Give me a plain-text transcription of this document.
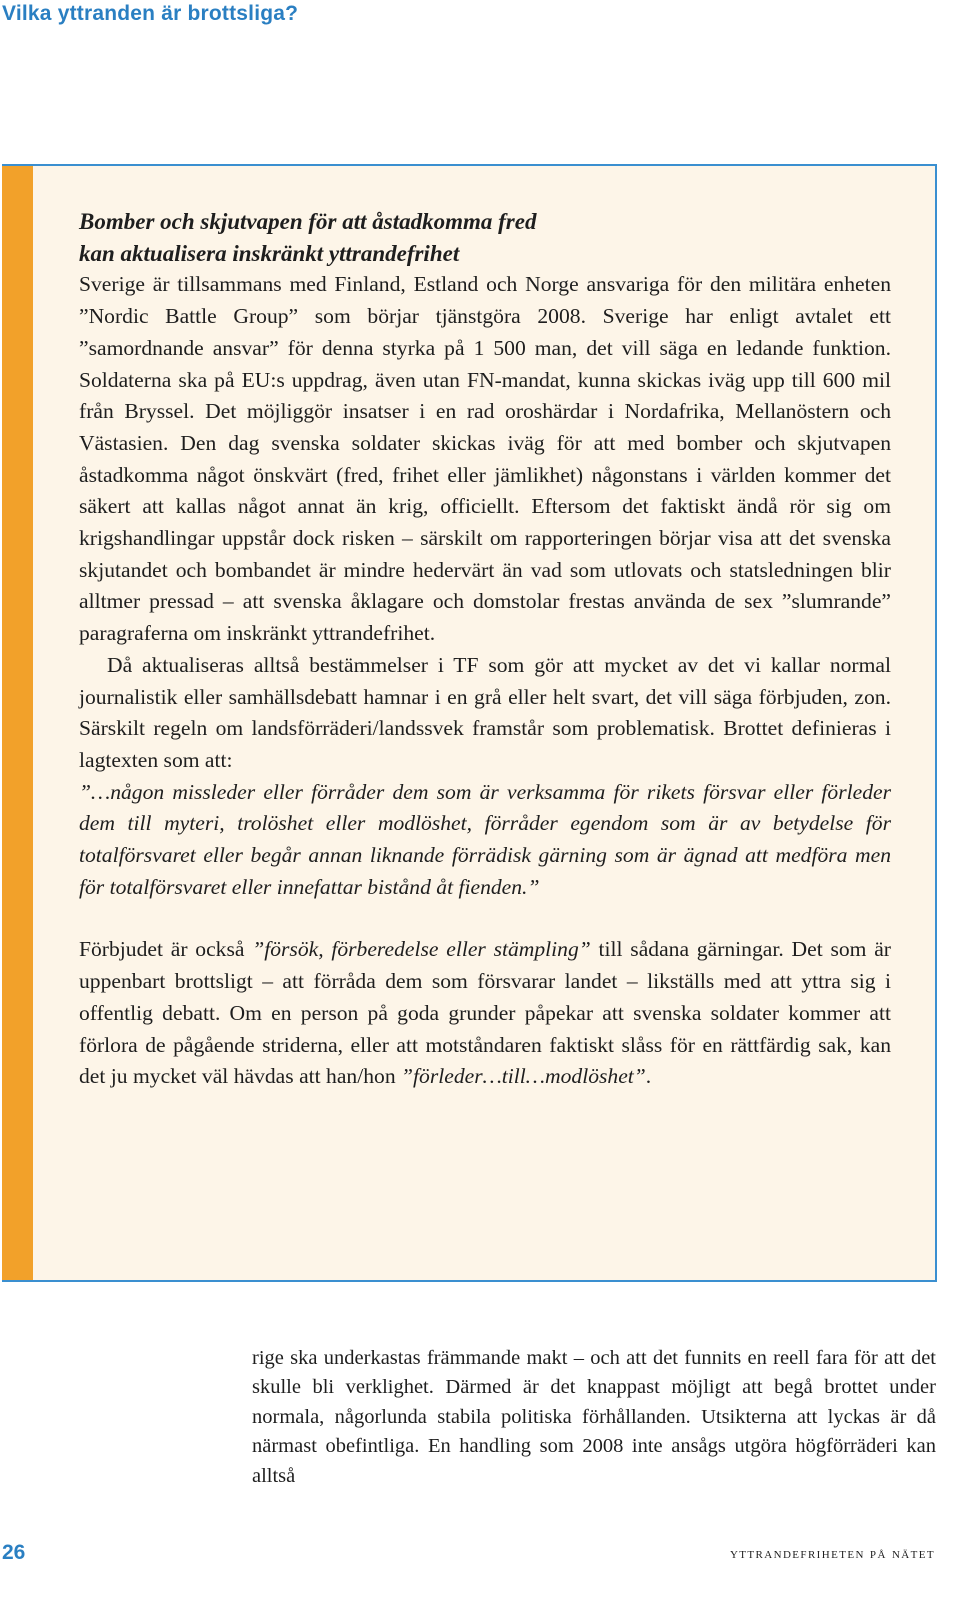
Vilka yttranden är brottsliga?

Bomber och skjutvapen för att åstadkomma fred
kan aktualisera inskränkt yttrandefrihet

Sverige är tillsammans med Finland, Estland och Norge ansvariga för den militära enheten ”Nordic Battle Group” som börjar tjänstgöra 2008. Sverige har enligt avtalet ett ”samordnande ansvar” för denna styrka på 1 500 man, det vill säga en ledande funktion. Soldaterna ska på EU:s uppdrag, även utan FN-mandat, kunna skickas iväg upp till 600 mil från Bryssel. Det möjliggör insatser i en rad oroshärdar i Nordafrika, Mellanöstern och Västasien. Den dag svenska soldater skickas iväg för att med bomber och skjutvapen åstadkomma något önskvärt (fred, frihet eller jämlikhet) någonstans i världen kommer det säkert att kallas något annat än krig, officiellt. Eftersom det faktiskt ändå rör sig om krigshandlingar uppstår dock risken – särskilt om rapporteringen börjar visa att det svenska skjutandet och bombandet är mindre hedervärt än vad som utlovats och statsledningen blir alltmer pressad – att svenska åklagare och domstolar frestas använda de sex ”slumrande” paragraferna om inskränkt yttrandefrihet.

Då aktualiseras alltså bestämmelser i TF som gör att mycket av det vi kallar normal journalistik eller samhällsdebatt hamnar i en grå eller helt svart, det vill säga förbjuden, zon. Särskilt regeln om landsförräderi/landssvek framstår som problematisk. Brottet definieras i lagtexten som att:

”…någon missleder eller förråder dem som är verksamma för rikets försvar eller förleder dem till myteri, trolöshet eller modlöshet, förråder egendom som är av betydelse för totalförsvaret eller begår annan liknande förrädisk gärning som är ägnad att medföra men för totalförsvaret eller innefattar bistånd åt fienden.”

Förbjudet är också ”försök, förberedelse eller stämpling” till sådana gärningar. Det som är uppenbart brottsligt – att förråda dem som försvarar landet – likställs med att yttra sig i offentlig debatt. Om en person på goda grunder påpekar att svenska soldater kommer att förlora de pågående striderna, eller att motståndaren faktiskt slåss för en rättfärdig sak, kan det ju mycket väl hävdas att han/hon ”förleder…till…modlöshet”.

rige ska underkastas främmande makt – och att det funnits en reell fara för att det skulle bli verklighet. Därmed är det knappast möjligt att begå brottet under normala, någorlunda stabila politiska förhållanden. Utsikterna att lyckas är då närmast obefintliga. En handling som 2008 inte ansågs utgöra högförräderi kan alltså

26	yttrandefriheten på nätet
